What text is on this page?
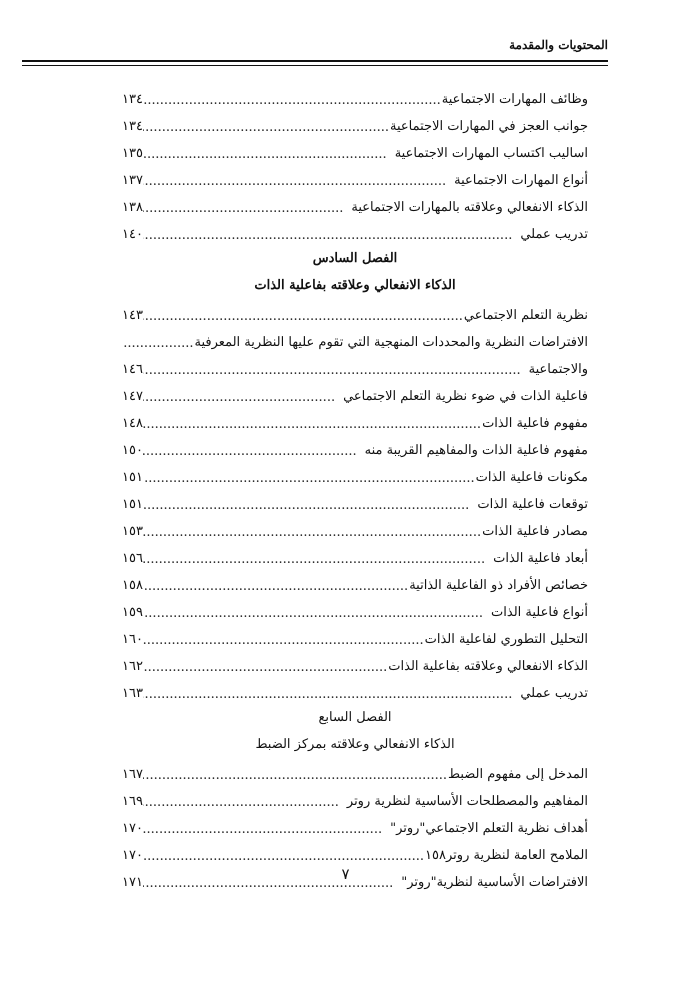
المحتويات والمقدمة
وظائف المهارات الاجتماعية
.....
١٣٤
جوانب العجز في المهارات الاجتماعية
.....
١٣٤
اساليب اكتساب المهارات الاجتماعية
.....
١٣٥
أنواع المهارات الاجتماعية
.....
١٣٧
الذكاء الانفعالي وعلاقته بالمهارات الاجتماعية
.....
١٣٨
تدريب عملي
.....
١٤٠
الفصل السادس
الذكاء الانفعالي وعلاقته بفاعلية الذات
نظرية التعلم الاجتماعي
.....
١٤٣
الافتراضات النظرية والمحددات المنهجية التي تقوم عليها النظرية المعرفية
.....
والاجتماعية
.....
١٤٦
فاعلية الذات في ضوء نظرية التعلم الاجتماعي
.....
١٤٧
مفهوم فاعلية الذات
.....
١٤٨
مفهوم فاعلية الذات والمفاهيم القريبة منه
.....
١٥٠
مكونات فاعلية الذات
.....
١٥١
توقعات فاعلية الذات
.....
١٥١
مصادر فاعلية الذات
.....
١٥٣
أبعاد فاعلية الذات
.....
١٥٦
خصائص الأفراد ذو الفاعلية الذاتية
.....
١٥٨
أنواع فاعلية الذات
.....
١٥٩
التحليل التطوري لفاعلية الذات
.....
١٦٠
الذكاء الانفعالي وعلاقته بفاعلية الذات
.....
١٦٢
تدريب عملي
.....
١٦٣
الفصل السابع
الذكاء الانفعالي وعلاقته بمركز الضبط
المدخل إلى مفهوم الضبط
.....
١٦٧
المفاهيم والمصطلحات الأساسية لنظرية روتر
.....
١٦٩
أهداف نظرية التعلم الاجتماعي"روتر"
.....
١٧٠
الملامح العامة لنظرية روتر١٥٨
.....
١٧٠
الافتراضات الأساسية لنظرية"روتر"
.....
١٧١	٧
